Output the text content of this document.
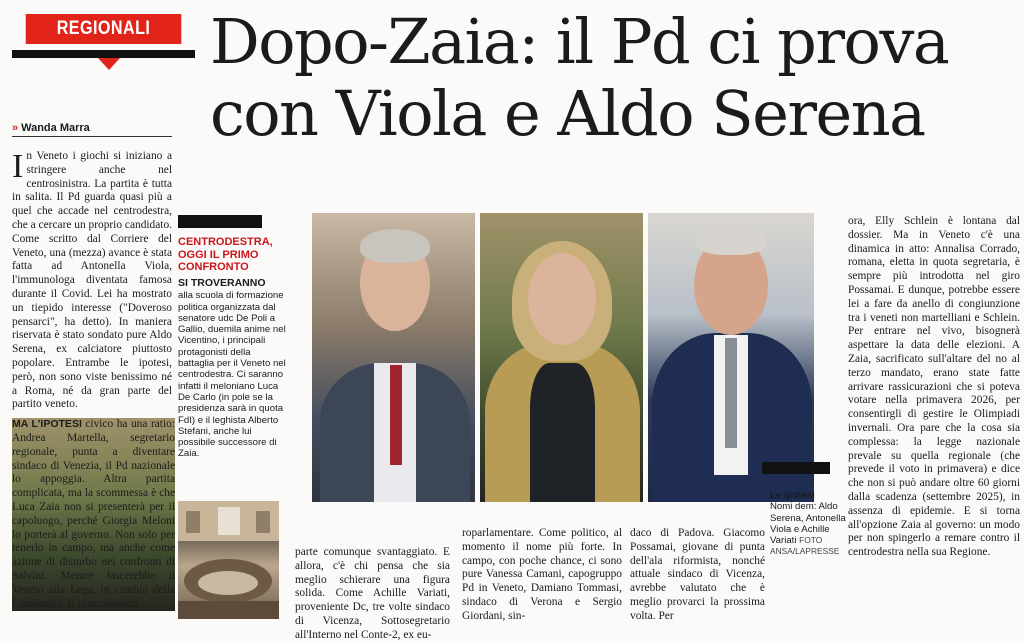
REGIONALI Dopo-Zaia: il Pd ci prova
con Viola e Aldo Serena
» Wanda Marra

In Veneto i giochi si iniziano a stringere anche nel centrosinistra. La partita è tutta in salita. Il Pd guarda quasi più a quel che accade nel centrodestra, che a cercare un proprio candidato. Come scritto dal Corriere del Veneto, una (mezza) avance è stata fatta ad Antonella Viola, l'immunologa diventata famosa durante il Covid. Lei ha mostrato un tiepido interesse ("Doveroso pensarci", ha detto). In maniera riservata è stato sondato pure Aldo Serena, ex calciatore piuttosto popolare. Entrambe le ipotesi, però, non sono viste benissimo né a Roma, né da gran parte del partito veneto.

MA L'IPOTESI civico ha una ratio: Andrea Martella, segretario regionale, punta a diventare sindaco di Venezia, il Pd nazionale lo appoggia. Altra partita complicata, ma la scommessa è che Luca Zaia non si presenterà per il capoluogo, perché Giorgia Meloni lo porterà al governo. Non solo per tenerlo in campo, ma anche come azione di disturbo nei confronti di Salvini. Mentre lascerebbe il Veneto alla Lega, in cambio della Lombardia. Il centrosinistra

CENTRODESTRA, OGGI IL PRIMO CONFRONTO
SI TROVERANNO
alla scuola di formazione politica organizzata dal senatore udc De Poli a Gallio, duemila anime nel Vicentino, i principali protagonisti della battaglia per il Veneto nel centrodestra. Ci saranno infatti il meloniano Luca De Carlo (in pole se la presidenza sarà in quota FdI) e il leghista Alberto Stefani, anche lui possibile successore di Zaia.
Le ipotesi
Nomi dem: Aldo Serena, Antonella Viola e Achille Variati FOTO ANSA/LAPRESSE

parte comunque svantaggiato. E allora, c'è chi pensa che sia meglio schierare una figura solida. Come Achille Variati, proveniente Dc, tre volte sindaco di Vicenza, Sottosegretario all'Interno nel Conte-2, ex eu-

roparlamentare. Come politico, al momento il nome più forte. In campo, con poche chance, ci sono pure Vanessa Camani, capogruppo Pd in Veneto, Damiano Tommasi, sindaco di Verona e Sergio Giordani, sin-

daco di Padova. Giacomo Possamai, giovane di punta dell'ala riformista, nonché attuale sindaco di Vicenza, avrebbe valutato che è meglio provarci la prossima volta. Per

ora, Elly Schlein è lontana dal dossier. Ma in Veneto c'è una dinamica in atto: Annalisa Corrado, romana, eletta in quota segretaria, è sempre più introdotta nel giro Possamai. E dunque, potrebbe essere lei a fare da anello di congiunzione tra i veneti non martelliani e Schlein. Per entrare nel vivo, bisognerà aspettare la data delle elezioni. A Zaia, sacrificato sull'altare del no al terzo mandato, erano state fatte arrivare rassicurazioni che si poteva votare nella primavera 2026, per consentirgli di gestire le Olimpiadi invernali. Ora pare che la cosa sia complessa: la legge nazionale prevale su quella regionale (che prevede il voto in primavera) e dice che non si può andare oltre 60 giorni dalla scadenza (settembre 2025), in assenza di epidemie. E si torna all'opzione Zaia al governo: un modo per non spingerlo a remare contro il centrodestra nella sua Regione.
